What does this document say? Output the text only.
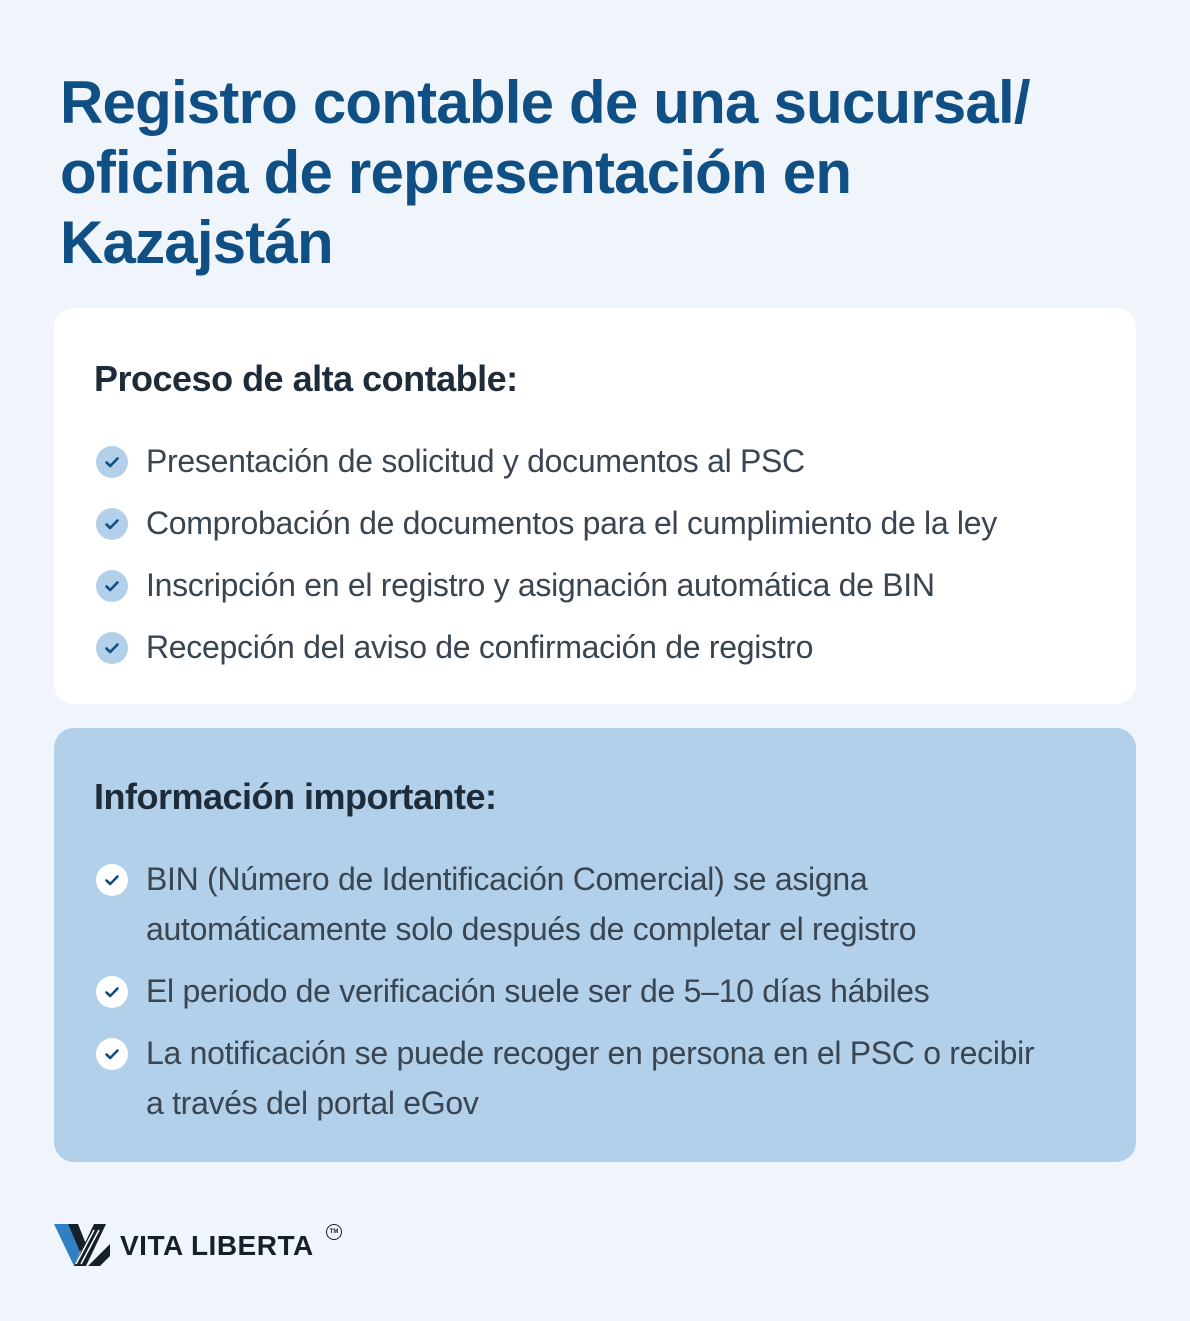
Registro contable de una sucursal/
oficina de representación en
Kazajstán
Proceso de alta contable:
Presentación de solicitud y documentos al PSC
Comprobación de documentos para el cumplimiento de la ley
Inscripción en el registro y asignación automática de BIN
Recepción del aviso de confirmación de registro
Información importante:
BIN (Número de Identificación Comercial) se asigna
automáticamente solo después de completar el registro
El periodo de verificación suele ser de 5–10 días hábiles
La notificación se puede recoger en persona en el PSC o recibir
a través del portal eGov
VITA LIBERTA	TM
